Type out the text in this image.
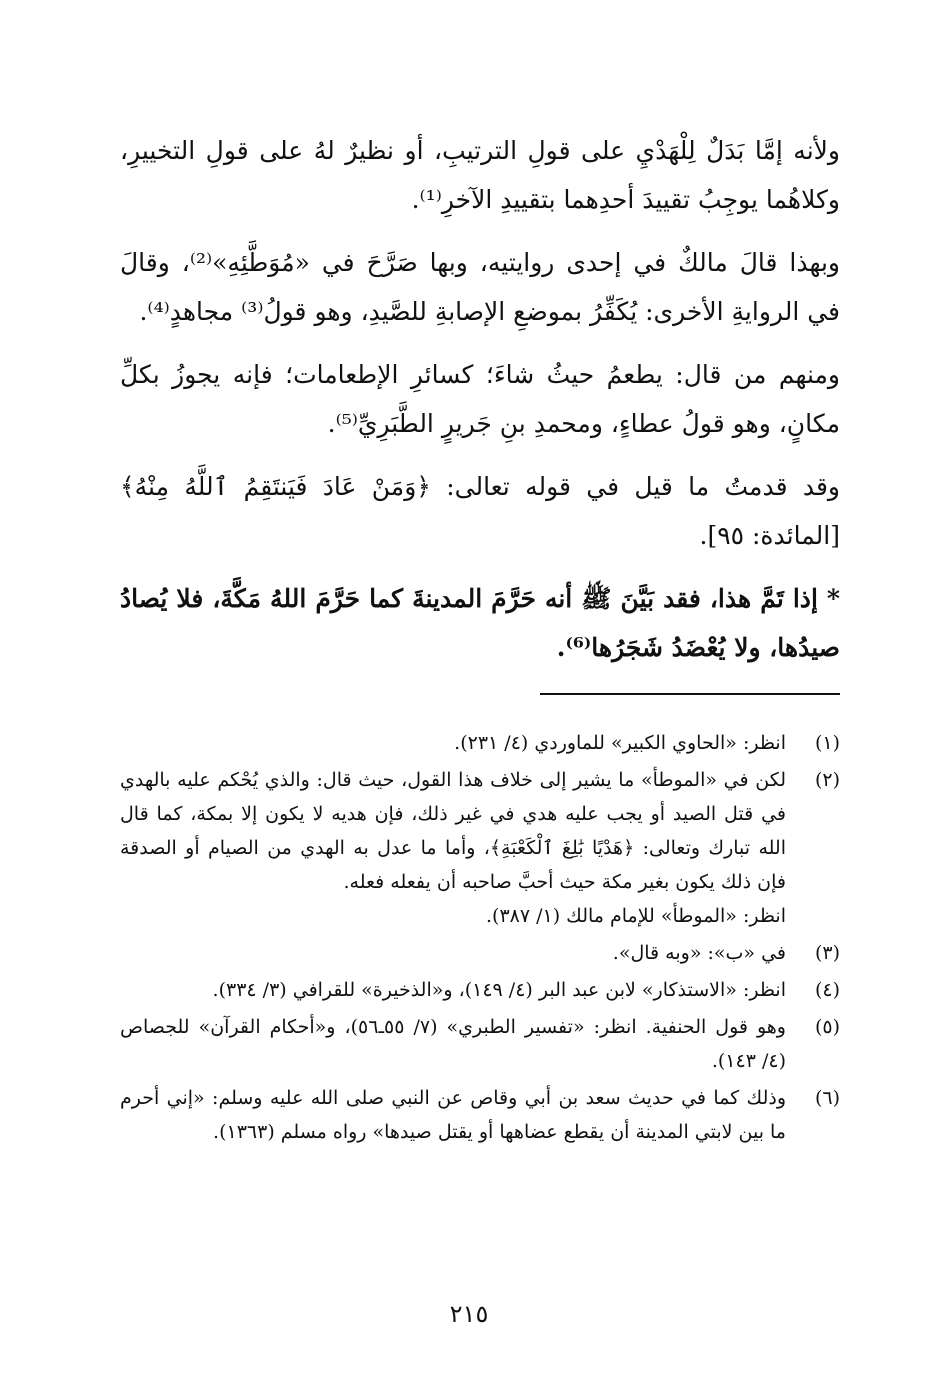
ولأنه إمَّا بَدَلٌ لِلْهَدْيِ على قولِ الترتيبِ، أو نظيرٌ لهُ على قولِ التخييرِ، وكلاهُما يوجِبُ تقييدَ أحدِهما بتقييدِ الآخرِ⁽¹⁾.

وبهذا قالَ مالكٌ في إحدى روايتيه، وبها صَرَّحَ في «مُوَطَّئِهِ»⁽²⁾، وقالَ في الروايةِ الأخرى: يُكَفِّرُ بموضعِ الإصابةِ للصَّيدِ، وهو قولُ⁽³⁾ مجاهدٍ⁽⁴⁾.

ومنهم من قال: يطعمُ حيثُ شاءَ؛ كسائرِ الإطعامات؛ فإنه يجوزُ بكلِّ مكانٍ، وهو قولُ عطاءٍ، ومحمدِ بنِ جَريرٍ الطَّبَرِيِّ⁽⁵⁾.

وقد قدمتُ ما قيل في قوله تعالى: ﴿وَمَنْ عَادَ فَيَنتَقِمُ ٱللَّهُ مِنْهُ﴾ [المائدة: ٩٥].

* إذا تَمَّ هذا، فقد بَيَّنَ ﷺ أنه حَرَّمَ المدينةَ كما حَرَّمَ اللهُ مَكَّةَ، فلا يُصادُ صيدُها، ولا يُعْضَدُ شَجَرُها⁽⁶⁾.

(١)
انظر: «الحاوي الكبير» للماوردي (٤/ ٢٣١).
(٢)
لكن في «الموطأ» ما يشير إلى خلاف هذا القول، حيث قال: والذي يُحْكم عليه بالهدي في قتل الصيد أو يجب عليه هدي في غير ذلك، فإن هديه لا يكون إلا بمكة، كما قال الله تبارك وتعالى: ﴿هَدْيًا بَٰلِغَ ٱلْكَعْبَةِ﴾، وأما ما عدل به الهدي من الصيام أو الصدقة فإن ذلك يكون بغير مكة حيث أحبَّ صاحبه أن يفعله فعله.
انظر: «الموطأ» للإمام مالك (١/ ٣٨٧).
(٣)
في «ب»: «وبه قال».
(٤)
انظر: «الاستذكار» لابن عبد البر (٤/ ١٤٩)، و«الذخيرة» للقرافي (٣/ ٣٣٤).
(٥)
وهو قول الحنفية. انظر: «تفسير الطبري» (٧/ ٥٥ـ٥٦)، و«أحكام القرآن» للجصاص (٤/ ١٤٣).
(٦)
وذلك كما في حديث سعد بن أبي وقاص عن النبي صلى الله عليه وسلم: «إني أحرم ما بين لابتي المدينة أن يقطع عضاهها أو يقتل صيدها» رواه مسلم (١٣٦٣).
٢١٥
